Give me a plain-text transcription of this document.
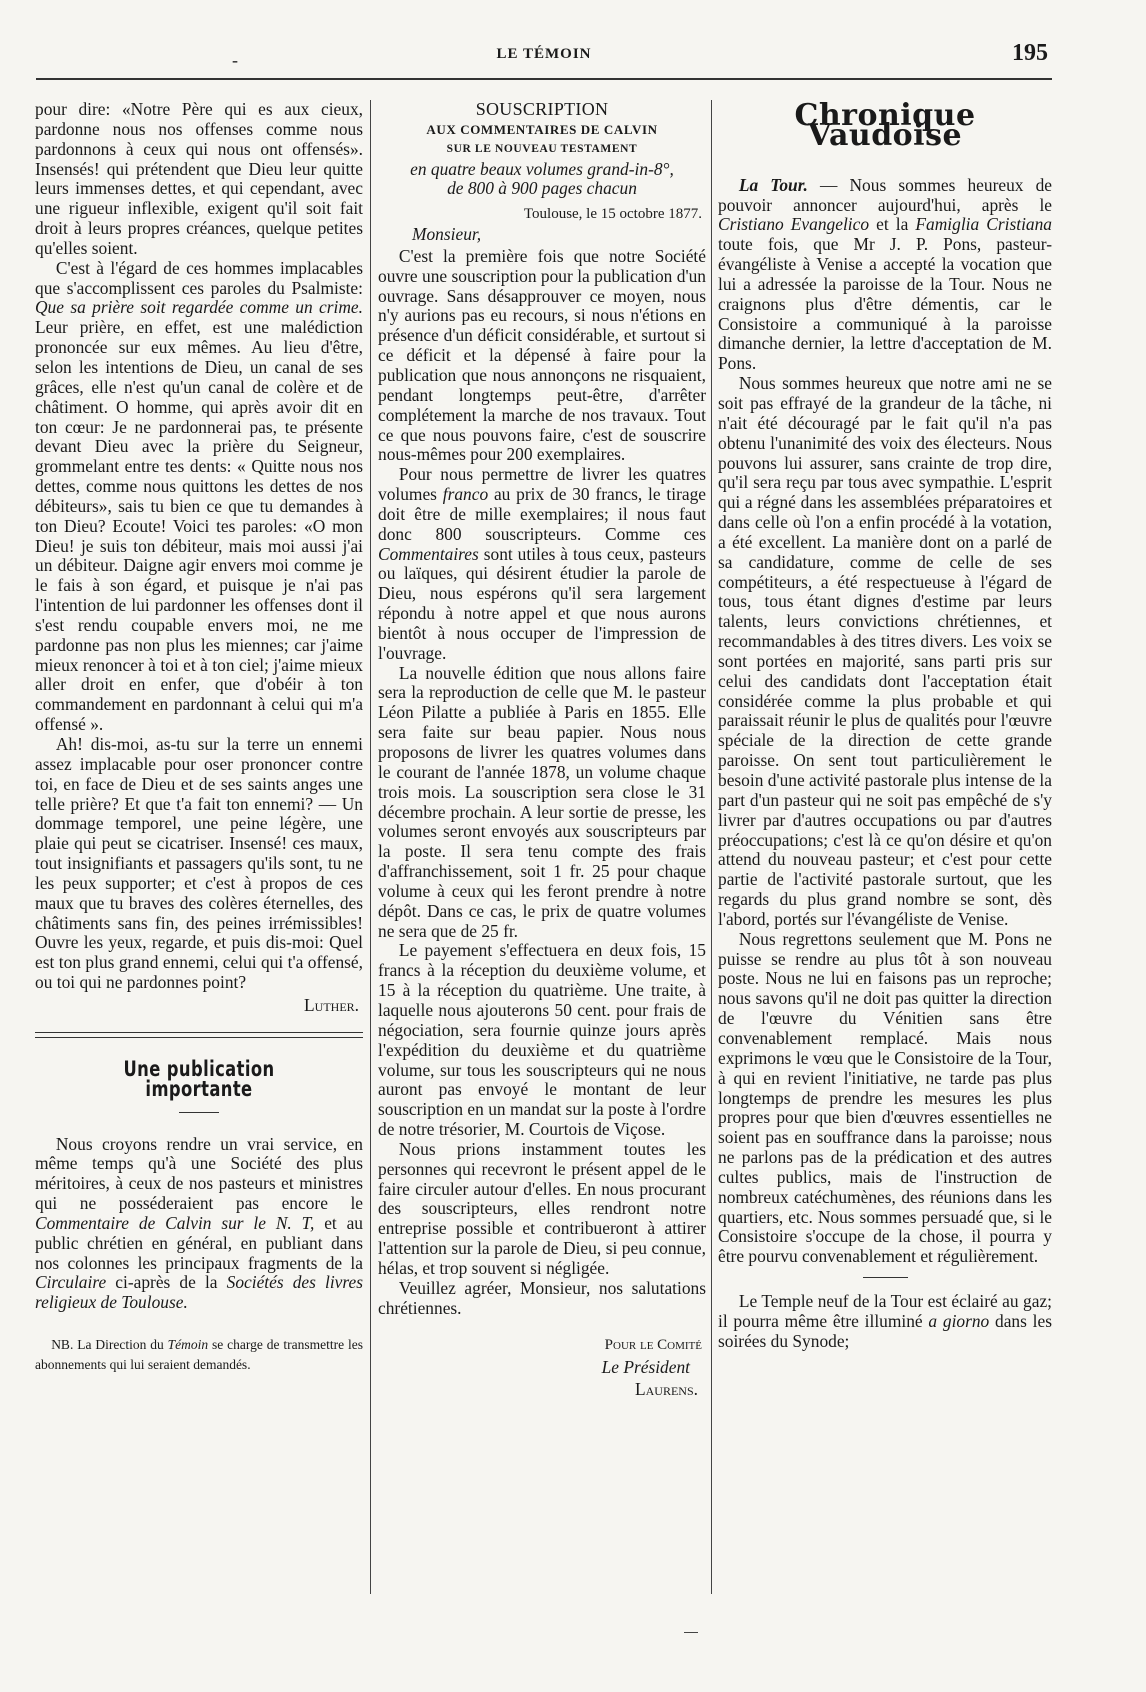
-	LE TÉMOIN	195

pour dire: «Notre Père qui es aux cieux, pardonne nous nos offenses comme nous pardonnons à ceux qui nous ont offensés». Insensés! qui prétendent que Dieu leur quitte leurs immenses dettes, et qui cependant, avec une rigueur inflexible, exigent qu'il soit fait droit à leurs propres créances, quelque petites qu'elles soient.

C'est à l'égard de ces hommes implacables que s'accomplissent ces paroles du Psalmiste: Que sa prière soit regardée comme un crime. Leur prière, en effet, est une malédiction prononcée sur eux mêmes. Au lieu d'être, selon les intentions de Dieu, un canal de ses grâces, elle n'est qu'un canal de colère et de châtiment. O homme, qui après avoir dit en ton cœur: Je ne pardonnerai pas, te présente devant Dieu avec la prière du Seigneur, grommelant entre tes dents: « Quitte nous nos dettes, comme nous quittons les dettes de nos débiteurs», sais tu bien ce que tu demandes à ton Dieu? Ecoute! Voici tes paroles: «O mon Dieu! je suis ton débiteur, mais moi aussi j'ai un débiteur. Daigne agir envers moi comme je le fais à son égard, et puisque je n'ai pas l'intention de lui pardonner les offenses dont il s'est rendu coupable envers moi, ne me pardonne pas non plus les miennes; car j'aime mieux renoncer à toi et à ton ciel; j'aime mieux aller droit en enfer, que d'obéir à ton commandement en pardonnant à celui qui m'a offensé ».

Ah! dis-moi, as-tu sur la terre un ennemi assez implacable pour oser prononcer contre toi, en face de Dieu et de ses saints anges une telle prière? Et que t'a fait ton ennemi? — Un dommage temporel, une peine légère, une plaie qui peut se cicatriser. Insensé! ces maux, tout insignifiants et passagers qu'ils sont, tu ne les peux supporter; et c'est à propos de ces maux que tu braves des colères éternelles, des châtiments sans fin, des peines irrémissibles! Ouvre les yeux, regarde, et puis dis-moi: Quel est ton plus grand ennemi, celui qui t'a offensé, ou toi qui ne pardonnes point?

Luther.
Une publication importante

Nous croyons rendre un vrai service, en même temps qu'à une Société des plus méritoires, à ceux de nos pasteurs et ministres qui ne posséderaient pas encore le Commentaire de Calvin sur le N. T, et au public chrétien en général, en publiant dans nos colonnes les principaux fragments de la Circulaire ci-après de la Sociétés des livres religieux de Toulouse.

NB. La Direction du Témoin se charge de transmettre les abonnements qui lui seraient demandés.

SOUSCRIPTION

AUX COMMENTAIRES DE CALVIN

SUR LE NOUVEAU TESTAMENT

en quatre beaux volumes grand-in-8°,

de 800 à 900 pages chacun

Toulouse, le 15 octobre 1877.
Monsieur,

C'est la première fois que notre Société ouvre une souscription pour la publication d'un ouvrage. Sans désapprouver ce moyen, nous n'y aurions pas eu recours, si nous n'étions en présence d'un déficit considérable, et surtout si ce déficit et la dépensé à faire pour la publication que nous annonçons ne risquaient, pendant longtemps peut-être, d'arrêter complétement la marche de nos travaux. Tout ce que nous pouvons faire, c'est de souscrire nous-mêmes pour 200 exemplaires.

Pour nous permettre de livrer les quatres volumes franco au prix de 30 francs, le tirage doit être de mille exemplaires; il nous faut donc 800 souscripteurs. Comme ces Commentaires sont utiles à tous ceux, pasteurs ou laïques, qui désirent étudier la parole de Dieu, nous espérons qu'il sera largement répondu à notre appel et que nous aurons bientôt à nous occuper de l'impression de l'ouvrage.

La nouvelle édition que nous allons faire sera la reproduction de celle que M. le pasteur Léon Pilatte a publiée à Paris en 1855. Elle sera faite sur beau papier. Nous nous proposons de livrer les quatres volumes dans le courant de l'année 1878, un volume chaque trois mois. La souscription sera close le 31 décembre prochain. A leur sortie de presse, les volumes seront envoyés aux souscripteurs par la poste. Il sera tenu compte des frais d'affranchissement, soit 1 fr. 25 pour chaque volume à ceux qui les feront prendre à notre dépôt. Dans ce cas, le prix de quatre volumes ne sera que de 25 fr.

Le payement s'effectuera en deux fois, 15 francs à la réception du deuxième volume, et 15 à la réception du quatrième. Une traite, à laquelle nous ajouterons 50 cent. pour frais de négociation, sera fournie quinze jours après l'expédition du deuxième et du quatrième volume, sur tous les souscripteurs qui ne nous auront pas envoyé le montant de leur souscription en un mandat sur la poste à l'ordre de notre trésorier, M. Courtois de Viçose.

Nous prions instamment toutes les personnes qui recevront le présent appel de le faire circuler autour d'elles. En nous procurant des souscripteurs, elles rendront notre entreprise possible et contribueront à attirer l'attention sur la parole de Dieu, si peu connue, hélas, et trop souvent si négligée.

Veuillez agréer, Monsieur, nos salutations chrétiennes.

Pour le Comité
Le Président
Laurens.
Chronique Vaudoise

La Tour. — Nous sommes heureux de pouvoir annoncer aujourd'hui, après le Cristiano Evangelico et la Famiglia Cristiana toute fois, que Mr J. P. Pons, pasteur-évangéliste à Venise a accepté la vocation que lui a adressée la paroisse de la Tour. Nous ne craignons plus d'être démentis, car le Consistoire a communiqué à la paroisse dimanche dernier, la lettre d'acceptation de M. Pons.

Nous sommes heureux que notre ami ne se soit pas effrayé de la grandeur de la tâche, ni n'ait été découragé par le fait qu'il n'a pas obtenu l'unanimité des voix des électeurs. Nous pouvons lui assurer, sans crainte de trop dire, qu'il sera reçu par tous avec sympathie. L'esprit qui a régné dans les assemblées préparatoires et dans celle où l'on a enfin procédé à la votation, a été excellent. La manière dont on a parlé de sa candidature, comme de celle de ses compétiteurs, a été respectueuse à l'égard de tous, tous étant dignes d'estime par leurs talents, leurs convictions chrétiennes, et recommandables à des titres divers. Les voix se sont portées en majorité, sans parti pris sur celui des candidats dont l'acceptation était considérée comme la plus probable et qui paraissait réunir le plus de qualités pour l'œuvre spéciale de la direction de cette grande paroisse. On sent tout particulièrement le besoin d'une activité pastorale plus intense de la part d'un pasteur qui ne soit pas empêché de s'y livrer par d'autres occupations ou par d'autres préoccupations; c'est là ce qu'on désire et qu'on attend du nouveau pasteur; et c'est pour cette partie de l'activité pastorale surtout, que les regards du plus grand nombre se sont, dès l'abord, portés sur l'évangéliste de Venise.

Nous regrettons seulement que M. Pons ne puisse se rendre au plus tôt à son nouveau poste. Nous ne lui en faisons pas un reproche; nous savons qu'il ne doit pas quitter la direction de l'œuvre du Vénitien sans être convenablement remplacé. Mais nous exprimons le vœu que le Consistoire de la Tour, à qui en revient l'initiative, ne tarde pas plus longtemps de prendre les mesures les plus propres pour que bien d'œuvres essentielles ne soient pas en souffrance dans la paroisse; nous ne parlons pas de la prédication et des autres cultes publics, mais de l'instruction de nombreux catéchumènes, des réunions dans les quartiers, etc. Nous sommes persuadé que, si le Consistoire s'occupe de la chose, il pourra y être pourvu convenablement et régulièrement.

Le Temple neuf de la Tour est éclairé au gaz; il pourra même être illuminé a giorno dans les soirées du Synode;
